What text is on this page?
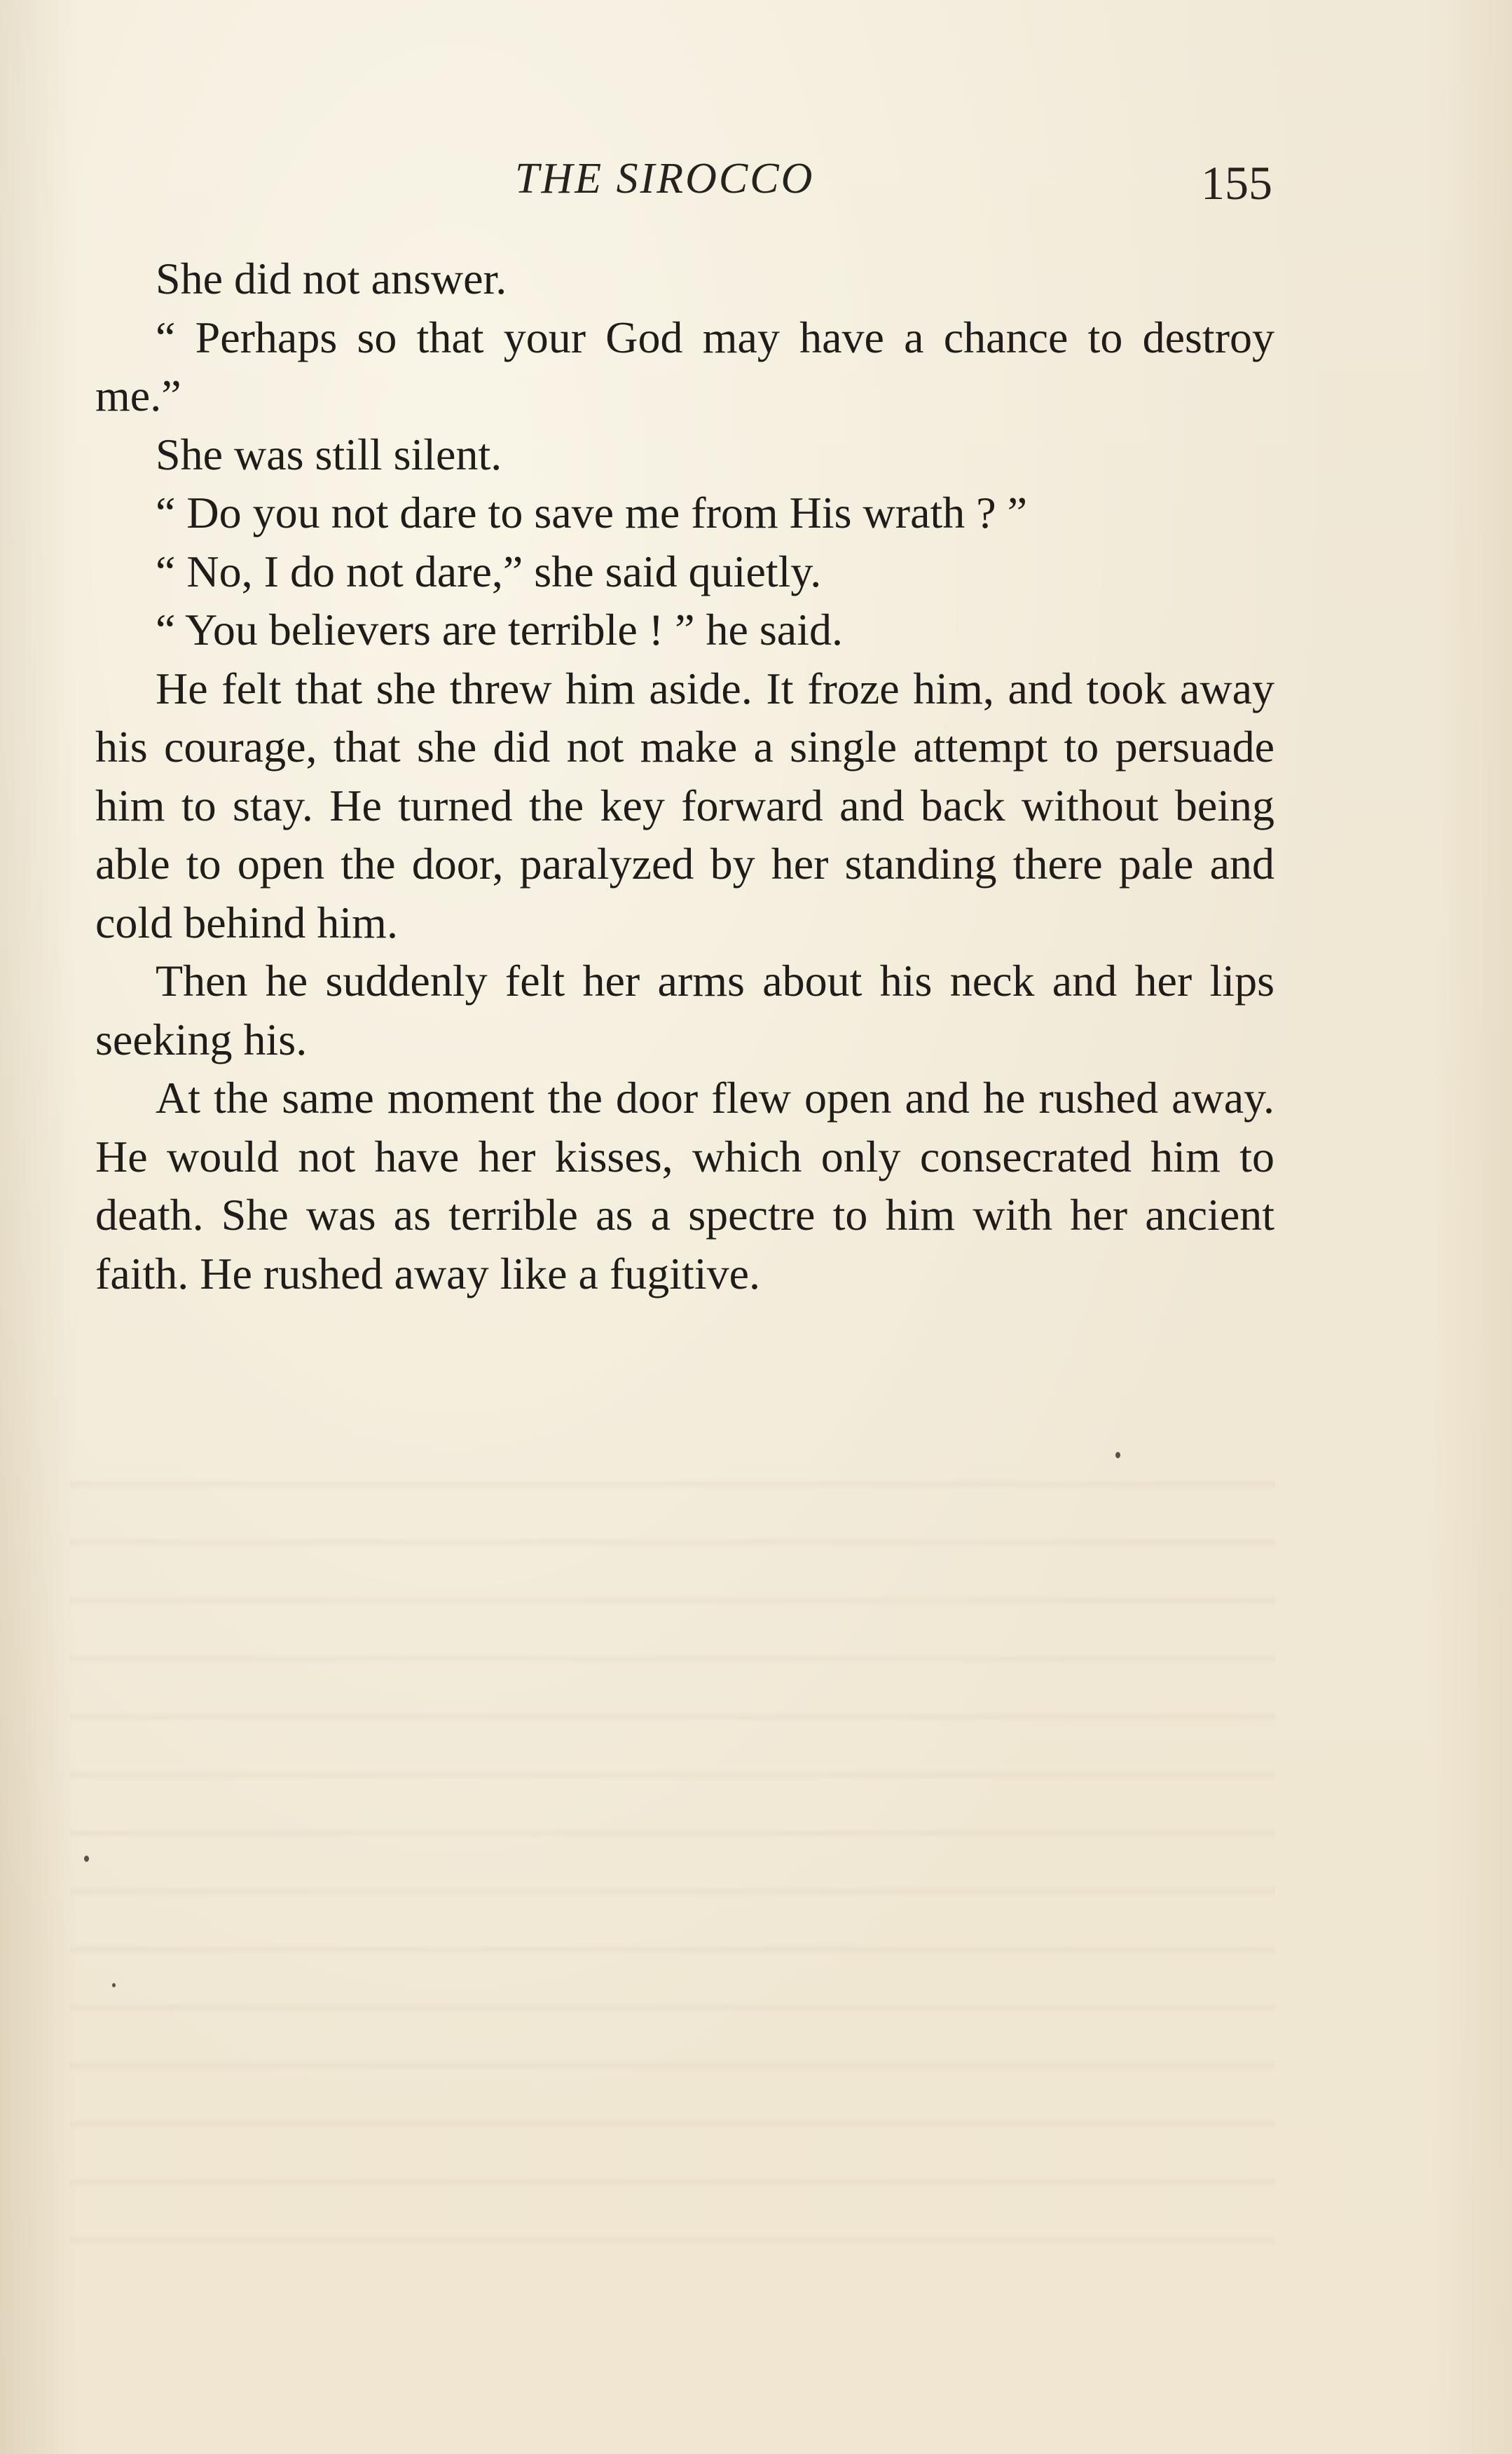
THE SIROCCO	155

She did not answer.

“ Perhaps so that your God may have a chance to destroy me.”

She was still silent.

“ Do you not dare to save me from His wrath ? ”

“ No, I do not dare,” she said quietly.

“ You believers are terrible ! ” he said.

He felt that she threw him aside. It froze him, and took away his courage, that she did not make a single attempt to persuade him to stay. He turned the key forward and back without being able to open the door, paralyzed by her standing there pale and cold behind him.

Then he suddenly felt her arms about his neck and her lips seeking his.

At the same moment the door flew open and he rushed away. He would not have her kisses, which only consecrated him to death. She was as terrible as a spectre to him with her ancient faith. He rushed away like a fugitive.
